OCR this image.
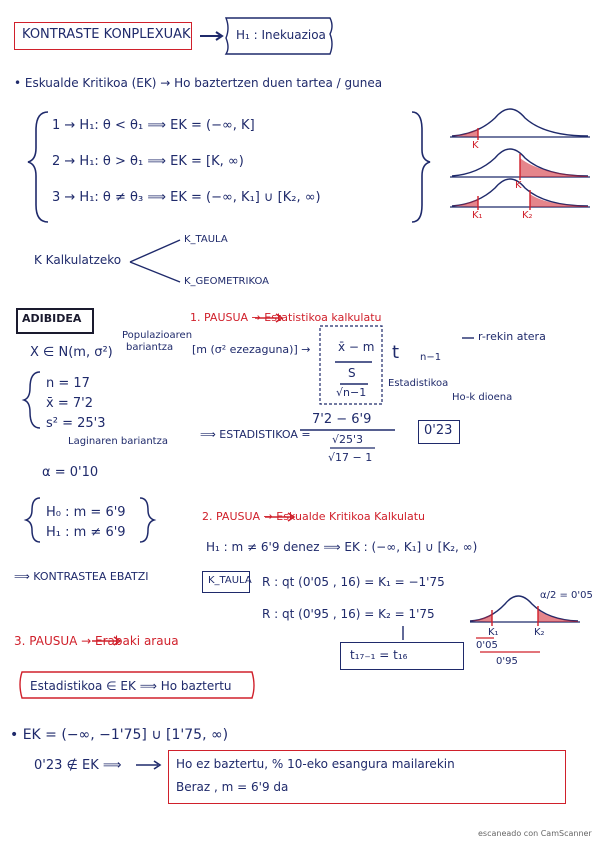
KONTRASTE KONPLEXUAK	H₁ : Inekuazioa
• Eskualde Kritikoa (EK) → Ho baztertzen duen tartea / gunea
1 → H₁: θ < θ₁ ⟹ EK = (−∞, K]
2 → H₁: θ > θ₁ ⟹ EK = [K, ∞)
3 → H₁: θ ≠ θ₃ ⟹ EK = (−∞, K₁] ∪ [K₂, ∞)
K
K
K₁	K₂
K Kalkulatzeko
K_TAULA
K_GEOMETRIKOA
ADIBIDEA
X ∈ N(m, σ²)
Populazioaren
bariantza
n = 17
x̄ = 7'2
s² = 25'3
Laginaren bariantza
α = 0'10
H₀ : m = 6'9
H₁ : m ≠ 6'9
⟹ KONTRASTEA EBATZI
1. PAUSUA → Estatistikoa kalkulatu
[m (σ² ezezaguna)] → x̄ − m
S
√n−1
t n−1
r-rekin atera
Estadistikoa
Ho-k dioena
⟹ ESTADISTIKOA =
7'2 − 6'9
√25'3
√17 − 1
0'23
2. PAUSUA → Eskualde Kritikoa Kalkulatu
H₁ : m ≠ 6'9 denez ⟹ EK : (−∞, K₁] ∪ [K₂, ∞)
K_TAULA R : qt (0'05 , 16) = K₁ = −1'75
R : qt (0'95 , 16) = K₂ = 1'75
α/2 = 0'05
K₁	K₂
0'05
0'95
t₁₇₋₁ = t₁₆
3. PAUSUA → Erabaki araua
Estadistikoa ∈ EK ⟹ Ho baztertu
• EK = (−∞, −1'75] ∪ [1'75, ∞)
0'23 ∉ EK ⟹	Ho ez baztertu, % 10-eko esangura mailarekin
Beraz , m = 6'9 da
escaneado con CamScanner
